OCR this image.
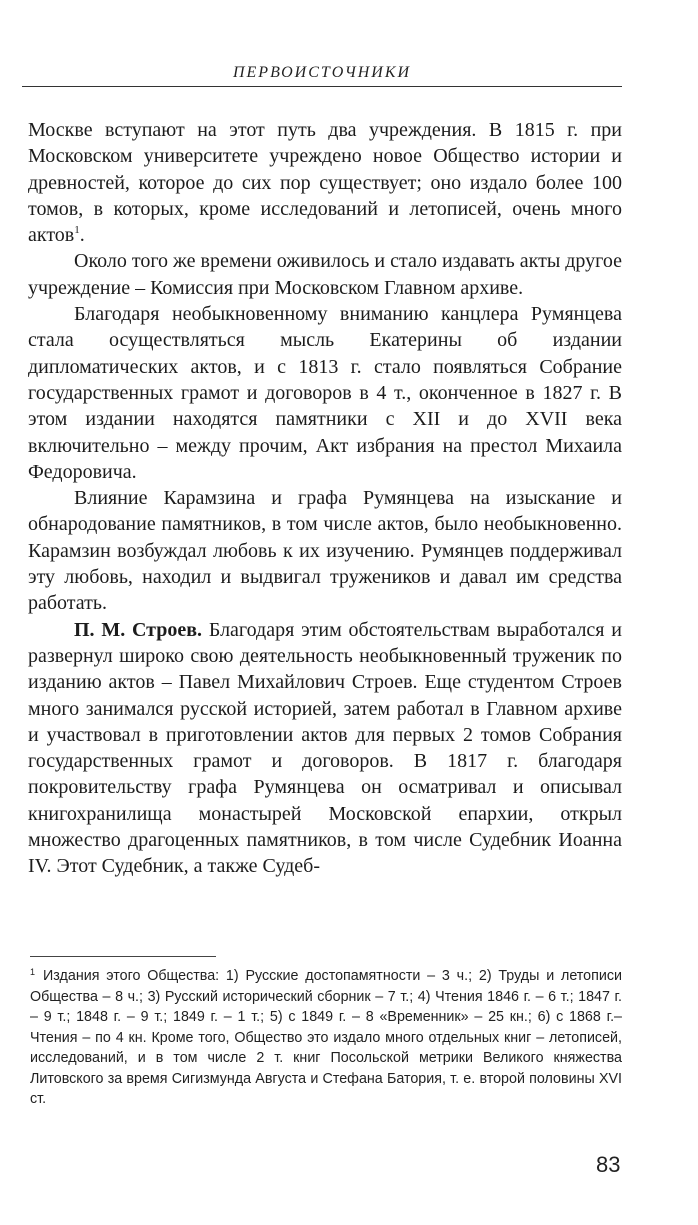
ПЕРВОИСТОЧНИКИ

Москве вступают на этот путь два учреждения. В 1815 г. при Московском университете учреждено новое Общество истории и древностей, которое до сих пор существует; оно издало более 100 томов, в которых, кроме исследований и летописей, очень много актов$^1$.

Около того же времени оживилось и стало издавать акты другое учреждение – Комиссия при Московском Главном архиве.

Благодаря необыкновенному вниманию канцлера Румянцева стала осуществляться мысль Екатерины об издании дипломатических актов, и с 1813 г. стало появляться Собрание государственных грамот и договоров в 4 т., оконченное в 1827 г. В этом издании находятся памятники с XII и до XVII века включительно – между прочим, Акт избрания на престол Михаила Федоровича.

Влияние Карамзина и графа Румянцева на изыскание и обнародование памятников, в том числе актов, было необыкновенно. Карамзин возбуждал любовь к их изучению. Румянцев поддерживал эту любовь, находил и выдвигал тружеников и давал им средства работать.

П. М. Строев. Благодаря этим обстоятельствам выработался и развернул широко свою деятельность необыкновенный труженик по изданию актов – Павел Михайлович Строев. Еще студентом Строев много занимался русской историей, затем работал в Главном архиве и участвовал в приготовлении актов для первых 2 томов Собрания государственных грамот и договоров. В 1817 г. благодаря покровительству графа Румянцева он осматривал и описывал книгохранилища монастырей Московской епархии, открыл множество драгоценных памятников, в том числе Судебник Иоанна IV. Этот Судебник, а также Судеб-

$^1$ Издания этого Общества: 1) Русские достопамятности – 3 ч.; 2) Труды и летописи Общества – 8 ч.; 3) Русский исторический сборник – 7 т.; 4) Чтения 1846 г. – 6 т.; 1847 г. – 9 т.; 1848 г. – 9 т.; 1849 г. – 1 т.; 5) с 1849 г. – 8 «Временник» – 25 кн.; 6) с 1868 г.– Чтения – по 4 кн. Кроме того, Общество это издало много отдельных книг – летописей, исследований, и в том числе 2 т. книг Посольской метрики Великого княжества Литовского за время Сигизмунда Августа и Стефана Батория, т. е. второй половины XVI ст.
83
